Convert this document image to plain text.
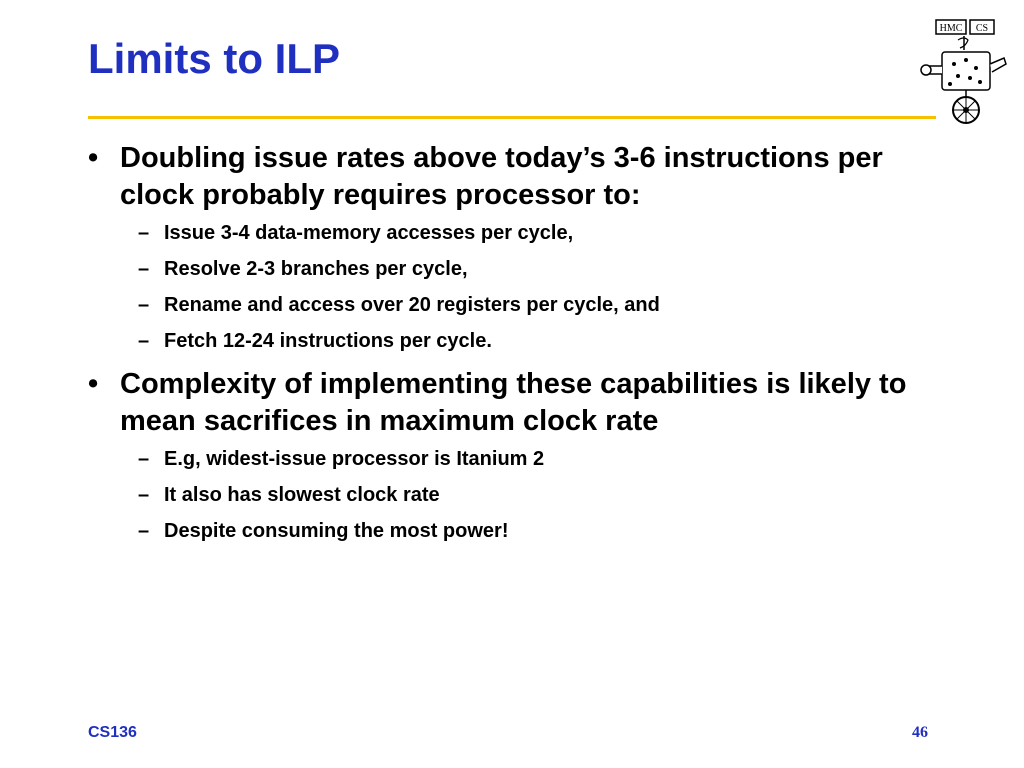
Limits to ILP
HMC CS
• Doubling issue rates above today’s 3-6 instructions per clock probably requires processor to:
– Issue 3-4 data-memory accesses per cycle,
– Resolve 2-3 branches per cycle,
– Rename and access over 20 registers per cycle, and
– Fetch 12-24 instructions per cycle.
• Complexity of implementing these capabilities is likely to mean sacrifices in maximum clock rate
– E.g, widest-issue processor is Itanium 2
– It also has slowest clock rate
– Despite consuming the most power!
CS136	46
